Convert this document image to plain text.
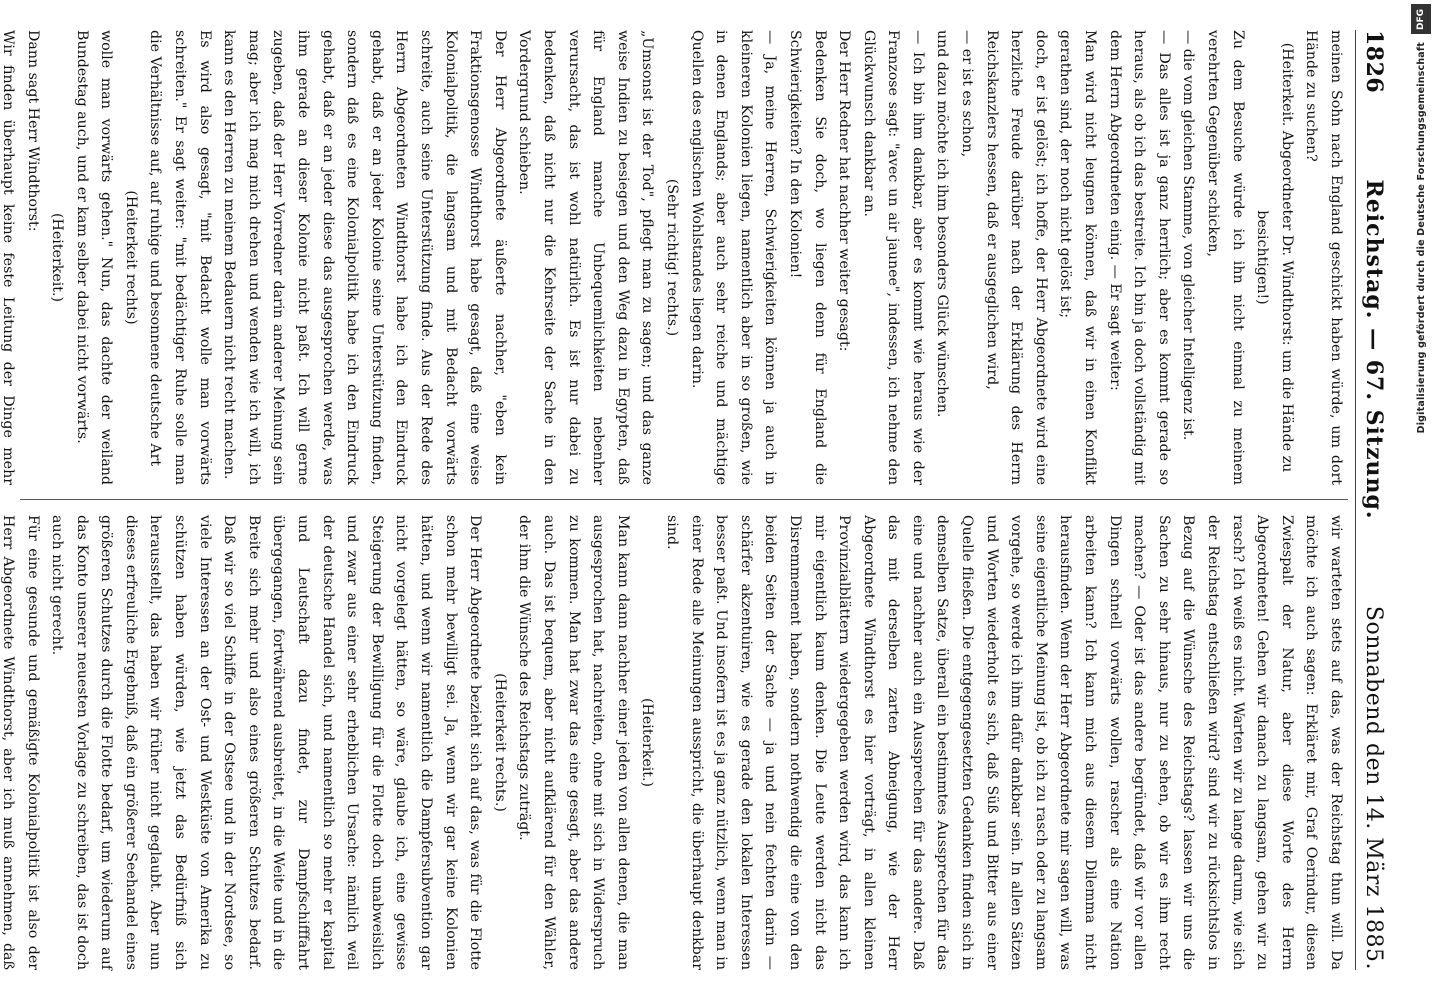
1826
Reichstag. — 67. Sitzung.
Sonnabend den 14. März 1885.

meinen Sohn nach England geschickt haben würde, um dort Hände zu suchen?

(Heiterkeit. Abgeordneter Dr. Windthorst: um die Hände zu besichtigen!)

Zu dem Besuche würde ich ihn nicht einmal zu meinem verehrten Gegenüber schicken,

— die vom gleichen Stamme, von gleicher Intelligenz ist.

— Das alles ist ja ganz herrlich; aber es kommt gerade so heraus, als ob ich das bestreite. Ich bin ja doch vollständig mit dem Herrn Abgeordneten einig. — Er sagt weiter:

Man wird nicht leugnen können, daß wir in einen Konflikt gerathen sind, der noch nicht gelöst ist;

doch, er ist gelöst; ich hoffe, der Herr Abgeordnete wird eine herzliche Freude darüber nach der Erklärung des Herrn Reichskanzlers hessen, daß er ausgeglichen wird,

— er ist es schon,

und dazu möchte ich ihm besonders Glück wünschen.

— Ich bin ihm dankbar, aber es kommt wie heraus wie der Franzose sagt: "avec un air jaunee", indessen, ich nehme den Glückwunsch dankbar an.

Der Herr Redner hat nachher weiter gesagt:

Bedenken Sie doch, wo liegen denn für England die Schwierigkeiten? In den Kolonien!

— Ja, meine Herren, Schwierigkeiten können ja auch in kleineren Kolonien liegen, namentlich aber in so großen, wie in denen Englands; aber auch sehr reiche und mächtige Quellen des englischen Wohlstandes liegen darin.

(Sehr richtig! rechts.)

„Umsonst ist der Tod", pflegt man zu sagen; und das ganze weise Indien zu besiegen und den Weg dazu in Egypten, daß für England manche Unbequemlichkeiten nebenher verursacht, das ist wohl natürlich. Es ist nur dabei zu bedenken, daß nicht nur die Kehrseite der Sache in den Vordergrund schieben.

Der Herr Abgeordnete äußerte nachher, "eben kein Fraktionsgenosse Windthorst habe gesagt, daß eine weise Kolonialpolitik, die langsam und mit Bedacht vorwärts schreite, auch seine Unterstützung finde. Aus der Rede des Herrn Abgeordneten Windthorst habe ich den Eindruck gehabt, daß er an jeder Kolonie seine Unterstützung finden, sondern daß es eine Kolonialpolitik habe ich den Eindruck gehabt, daß er an jeder diese das ausgesprochen werde, was ihm gerade an dieser Kolonie nicht paßt. Ich will gerne zugeben, daß der Herr Vorredner darin anderer Meinung sein mag; aber ich mag mich drehen und wenden wie ich will, ich kann es den Herren zu meinem Bedauern nicht recht machen.

Es wird also gesagt, "mit Bedacht wolle man vorwärts schreiten." Er sagt weiter: "mit bedächtiger Ruhe solle man die Verhältnisse auf, auf ruhige und besonnene deutsche Art

(Heiterkeit rechts)

wolle man vorwärts gehen." Nun, das dachte der weiland Bundestag auch, und er kam selber dabei nicht vorwärts.

(Heiterkeit.)

Dann sagt Herr Windthorst:

Wir finden überhaupt keine feste Leitung der Dinge mehr

wir warteten stets auf das, was der Reichstag thun will. Da möchte ich auch sagen: Erkläret mir, Graf Oerindur, diesen Zwiespalt der Natur, aber diese Worte des Herrn Abgeordneten! Gehen wir danach zu langsam, gehen wir zu rasch? Ich weiß es nicht. Warten wir zu lange darum, wie sich der Reichstag entschließen wird? sind wir zu rücksichtslos in Bezug auf die Wünsche des Reichstags? lassen wir uns die Sachen zu sehr hinaus, nur zu sehen, ob wir es ihm recht machen? — Oder ist das andere begründet, daß wir vor allen Dingen schnell vorwärts wollen, rascher als eine Nation arbeiten kann? Ich kann mich aus diesem Dilemma nicht herausfinden. Wenn der Herr Abgeordnete mir sagen will, was seine eigentliche Meinung ist, ob ich zu rasch oder zu langsam vorgehe, so werde ich ihm dafür dankbar sein. In allen Sätzen und Worten wiederholt es sich, daß Süß und Bitter aus einer Quelle fließen. Die entgegengesetzten Gedanken finden sich in demselben Satze, überall ein bestimmtes Aussprechen für das eine und nachher auch ein Aussprechen für das andere. Daß das mit derselben zarten Abneigung, wie der Herr Abgeordnete Windthorst es hier vorträgt, in allen kleinen Provinzialblättern wiedergegeben werden wird, das kann ich mir eigentlich kaum denken. Die Leute werden nicht das Disremmement haben, sondern nothwendig die eine von den beiden Seiten der Sache — ja und nein fechten darin — schärfer akzentuiren, wie es gerade den lokalen Interessen besser paßt. Und insofern ist es ja ganz nützlich, wenn man in einer Rede alle Meinungen ausspricht, die überhaupt denkbar sind.

(Heiterkeit.)

Man kann dann nachher einer jeden von allen denen, die man ausgesprochen hat, nachreiten, ohne mit sich in Widerspruch zu kommen. Man hat zwar das eine gesagt, aber das andere auch. Das ist bequem, aber nicht aufklärend für den Wähler, der ihm die Wünsche des Reichstags zuträgt.

(Heiterkeit rechts.)

Der Herr Abgeordnete bezieht sich auf das, was für die Flotte schon mehr bewilligt sei. Ja, wenn wir gar keine Kolonien hätten, und wenn wir namentlich die Dampfersubvention gar nicht vorgelegt hätten, so wäre, glaube ich, eine gewisse Steigerung der Bewilligung für die Flotte doch unabweislich und zwar aus einer sehr erheblichen Ursache: nämlich weil der deutsche Handel sich, und namentlich so mehr er kapital und Leutschaft dazu findet, zur Dampfschifffahrt übergegangen, fortwährend ausbreitet, in die Weite und in die Breite sich mehr und also eines größeren Schutzes bedarf. Daß wir so viel Schiffe in der Ostsee und in der Nordsee, so viele Interessen an der Ost- und Westküste von Amerika zu schützen haben würden, wie jetzt das Bedürfniß sich herausstellt, das haben wir früher nicht geglaubt. Aber nun dieses erfreuliche Ergebniß, daß ein größerer Seehandel eines größeren Schutzes durch die Flotte bedarf, um wiederum auf das Konto unserer neuesten Vorlage zu schreiben, das ist doch auch nicht gerecht.

Für eine gesunde und gemäßigte Kolonialpolitik ist also der Herr Abgeordnete Windthorst, aber ich muß annehmen, daß

DFG
Digitalisierung gefördert durch die Deutsche Forschungsgemeinschaft
